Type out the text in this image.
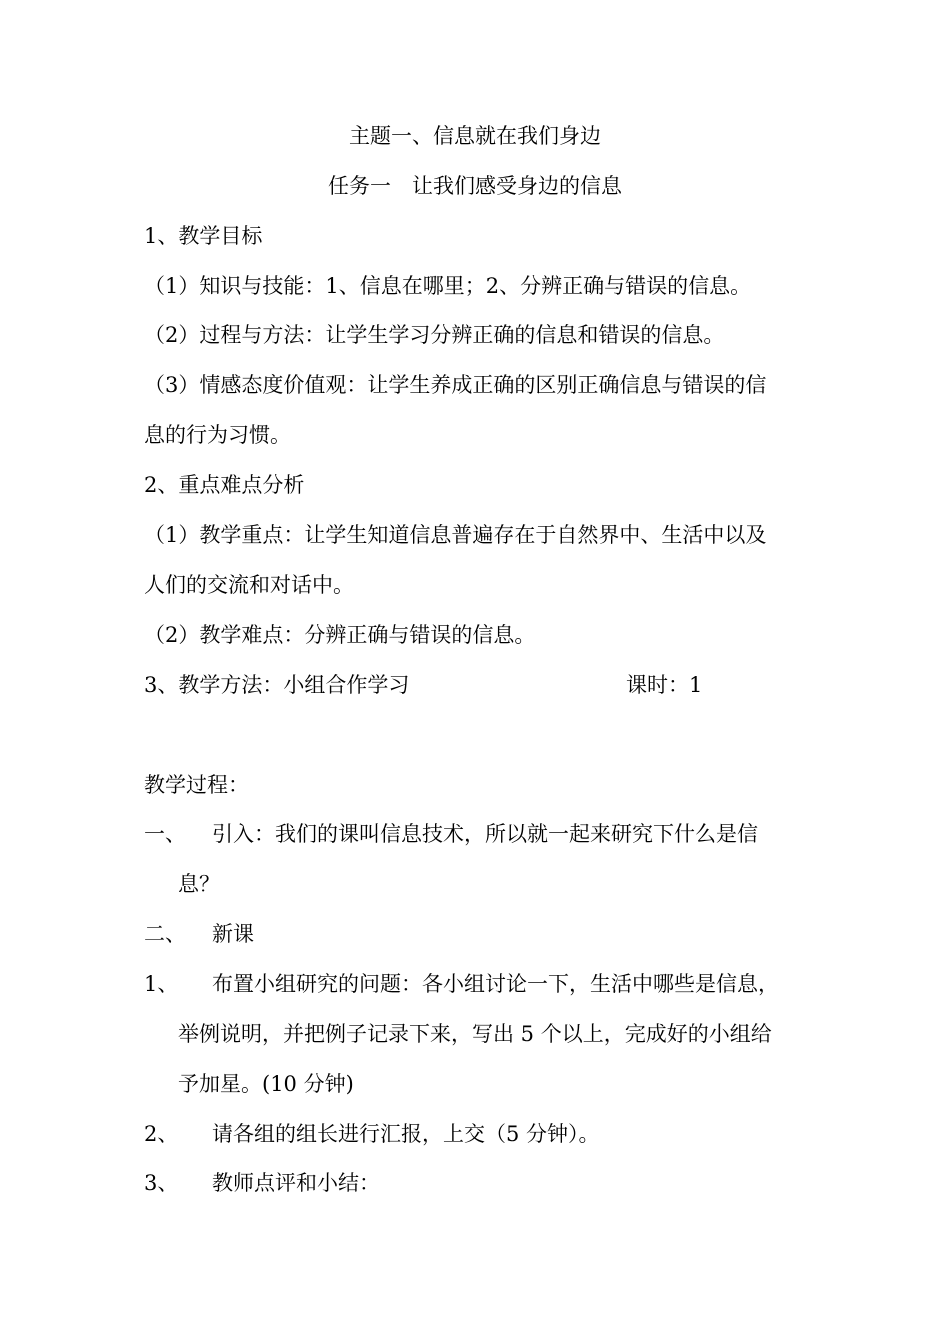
主题一、信息就在我们身边
任务一　让我们感受身边的信息
1、教学目标
（1）知识与技能：1、信息在哪里；2、分辨正确与错误的信息。
（2）过程与方法：让学生学习分辨正确的信息和错误的信息。
（3）情感态度价值观：让学生养成正确的区别正确信息与错误的信
息的行为习惯。
2、重点难点分析
（1）教学重点：让学生知道信息普遍存在于自然界中、生活中以及
人们的交流和对话中。
（2）教学难点：分辨正确与错误的信息。
3、教学方法：小组合作学习	课时：1
教学过程：
一、 引入：我们的课叫信息技术，所以就一起来研究下什么是信
息？
二、 新课
1、 布置小组研究的问题：各小组讨论一下，生活中哪些是信息，
举例说明，并把例子记录下来，写出 5 个以上，完成好的小组给
予加星。(10 分钟)
2、 请各组的组长进行汇报，上交（5 分钟）。
3、 教师点评和小结：
